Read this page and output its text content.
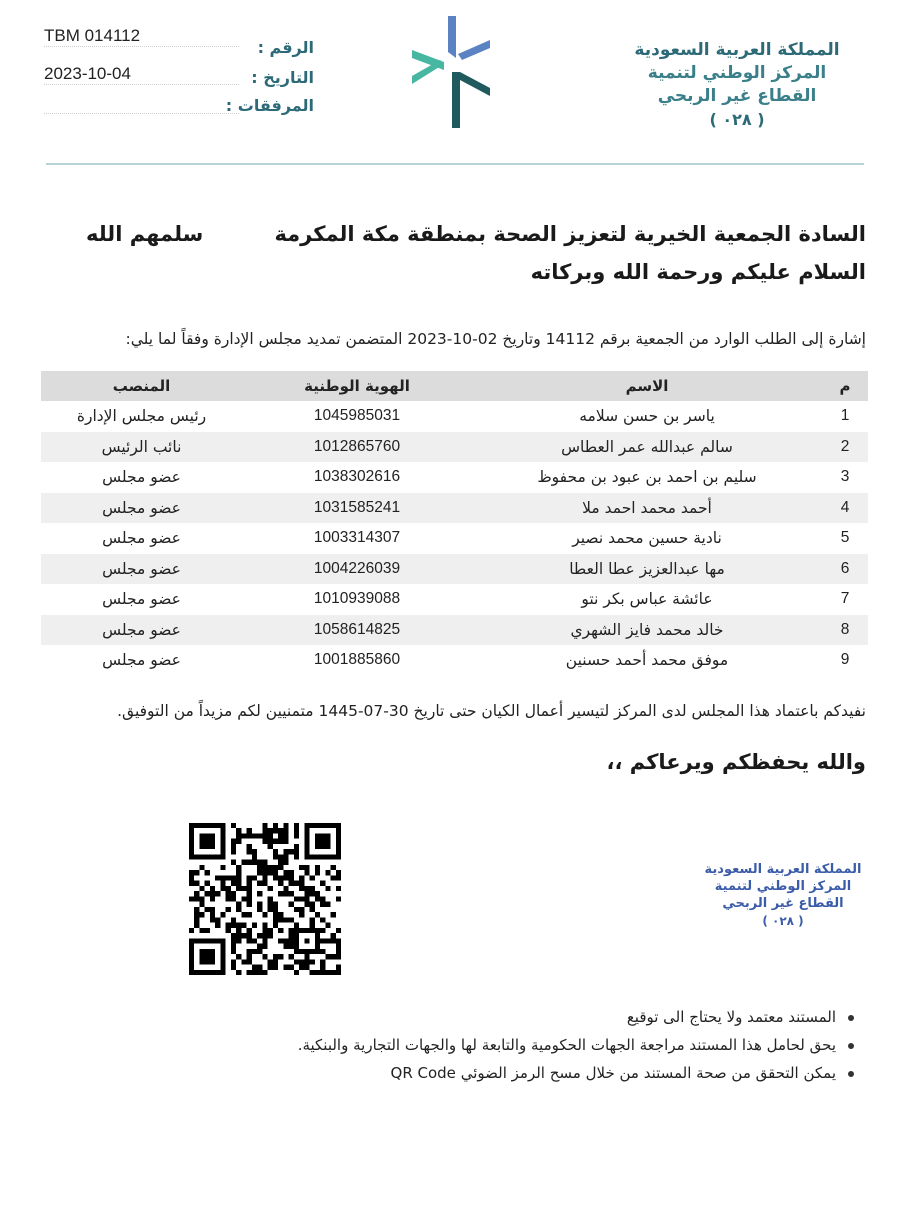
TBM 014112
الرقم :
2023-10-04	التاريخ :
المرفقات :
المملكة العربية السعودية
المركز الوطني لتنمية
القطاع غير الربحي
( ٠٢٨ )
السادة الجمعية الخيرية لتعزيز الصحة بمنطقة مكة المكرمة
سلمهم الله
السلام عليكم ورحمة الله وبركاته
إشارة إلى الطلب الوارد من الجمعية برقم 14112 وتاريخ 02-10-2023 المتضمن تمديد مجلس الإدارة وفقاً لما يلي:
م	الاسم	الهوية الوطنية	المنصب
1	ياسر بن حسن سلامه	1045985031	رئيس مجلس الإدارة
2	سالم عبدالله عمر العطاس	1012865760	نائب الرئيس
3	سليم بن احمد بن عبود بن محفوظ	1038302616	عضو مجلس
4	أحمد محمد احمد ملا	1031585241	عضو مجلس
5	نادية حسين محمد نصير	1003314307	عضو مجلس
6	مها عبدالعزيز عطا العطا	1004226039	عضو مجلس
7	عائشة عباس بكر نتو	1010939088	عضو مجلس
8	خالد محمد فايز الشهري	1058614825	عضو مجلس
9	موفق محمد أحمد حسنين	1001885860	عضو مجلس
نفيدكم باعتماد هذا المجلس لدى المركز لتيسير أعمال الكيان حتى تاريخ 30-07-1445 متمنيين لكم مزيداً من التوفيق.
والله يحفظكم ويرعاكم ،،
المملكة العربية السعودية
المركز الوطني لتنمية
القطاع غير الربحي
( ٠٢٨ )
المستند معتمد ولا يحتاج الى توقيع
يحق لحامل هذا المستند مراجعة الجهات الحكومية والتابعة لها والجهات التجارية والبنكية.
يمكن التحقق من صحة المستند من خلال مسح الرمز الضوئي QR Code
